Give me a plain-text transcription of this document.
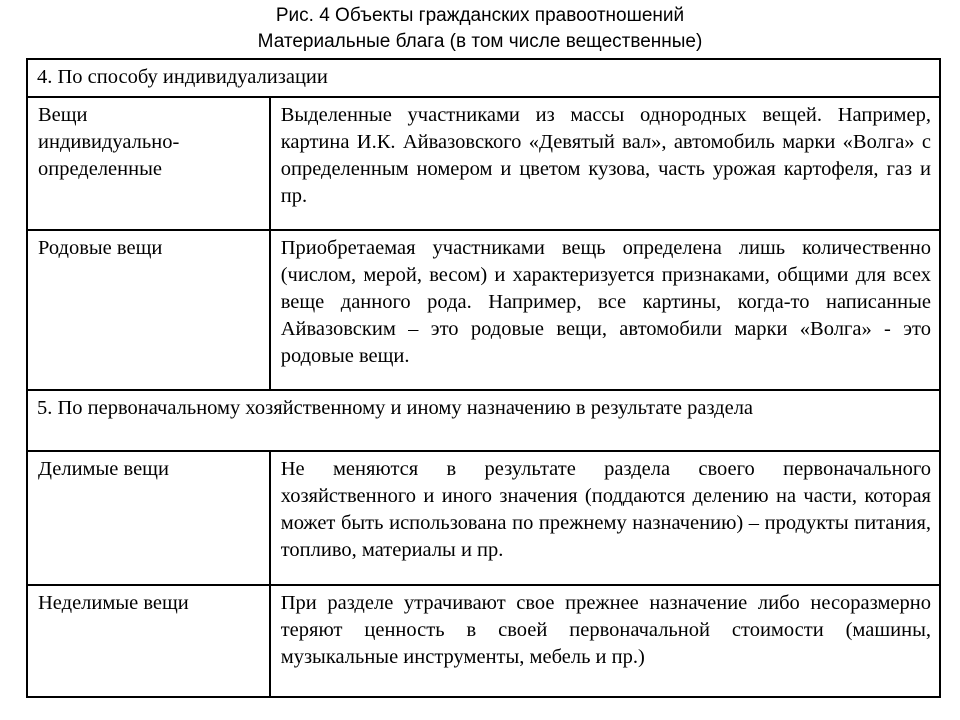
Рис. 4 Объекты гражданских правоотношений
Материальные блага (в том числе вещественные)
4. По способу индивидуализации	

Вещи
индивидуально-
определенные	Выделенные участниками из массы однородных вещей. Например, картина И.К. Айвазовского «Девятый вал», автомобиль марки «Волга» с определенным номером и цветом кузова, часть урожая картофеля, газ и пр.

Родовые вещи	Приобретаемая участниками вещь определена лишь количественно (числом, мерой, весом) и характеризуется признаками, общими для всех веще данного рода. Например, все картины, когда-то написанные Айвазовским – это родовые вещи, автомобили марки «Волга» - это родовые вещи.

5. По первоначальному хозяйственному и иному назначению в результате раздела	

Делимые вещи	Не меняются в результате раздела своего первоначального хозяйственного и иного значения (поддаются делению на части, которая может быть использована по прежнему назначению) – продукты питания, топливо, материалы и пр.

Неделимые вещи	При разделе утрачивают свое прежнее назначение либо несоразмерно теряют ценность в своей первоначальной стоимости (машины, музыкальные инструменты, мебель и пр.)
